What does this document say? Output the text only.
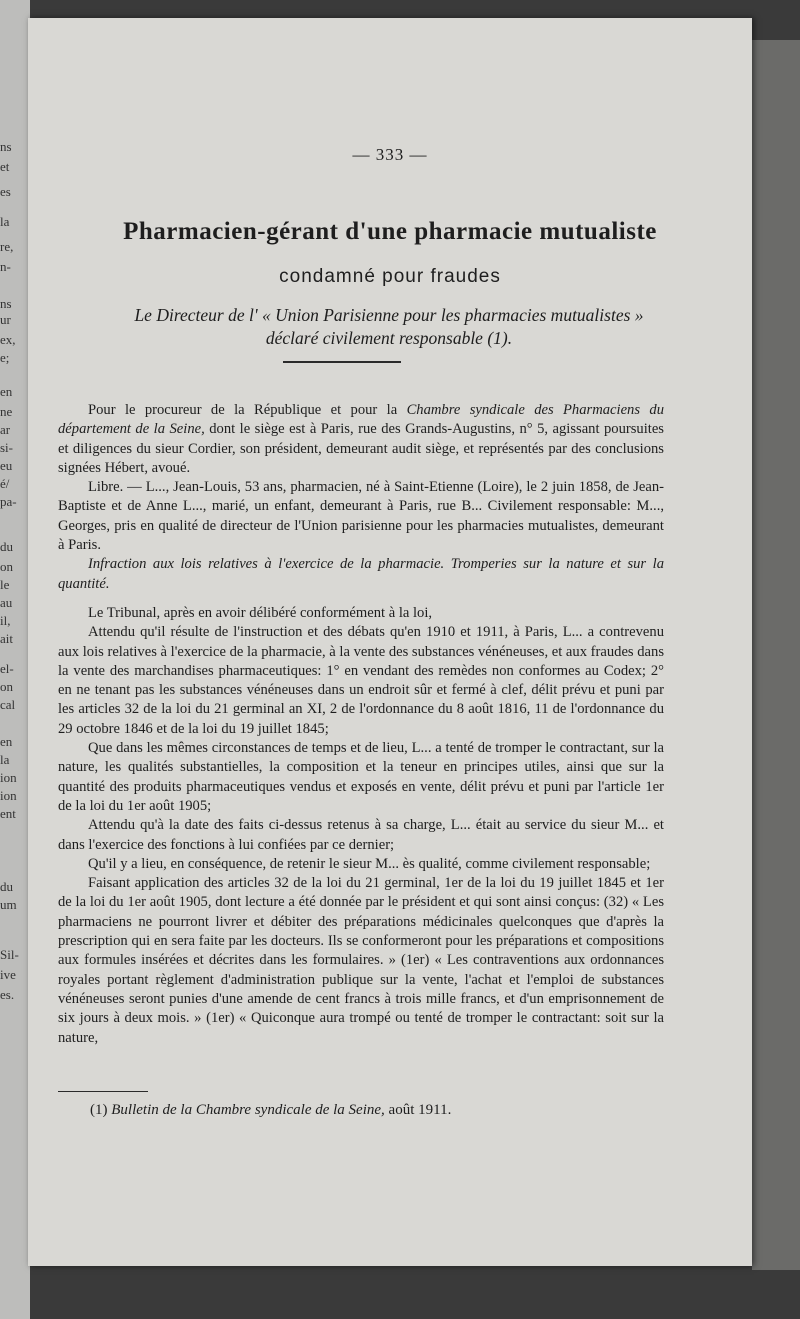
ns
et
es
la
re,
n-
ns
ur
ex,
e;
en
ne
ar
si-
eu
é/
pa-
du
on
le
au
il,
ait
el-
on
cal
en
la
ion
ion
ent
du
um
Sil-
ive
es.
— 333 —
Pharmacien-gérant d'une pharmacie mutualiste
condamné pour fraudes
Le Directeur de l' « Union Parisienne pour les pharmacies mutualistes »
déclaré civilement responsable (1).

Pour le procureur de la République et pour la Chambre syndicale des Pharmaciens du département de la Seine, dont le siège est à Paris, rue des Grands-Augustins, n° 5, agissant poursuites et diligences du sieur Cordier, son président, demeurant audit siège, et représentés par des conclusions signées Hébert, avoué.

Libre. — L..., Jean-Louis, 53 ans, pharmacien, né à Saint-Etienne (Loire), le 2 juin 1858, de Jean-Baptiste et de Anne L..., marié, un enfant, demeurant à Paris, rue B... Civilement responsable: M..., Georges, pris en qualité de directeur de l'Union parisienne pour les pharmacies mutualistes, demeurant à Paris.

Infraction aux lois relatives à l'exercice de la pharmacie. Tromperies sur la nature et sur la quantité.

Le Tribunal, après en avoir délibéré conformément à la loi,

Attendu qu'il résulte de l'instruction et des débats qu'en 1910 et 1911, à Paris, L... a contrevenu aux lois relatives à l'exercice de la pharmacie, à la vente des substances vénéneuses, et aux fraudes dans la vente des marchandises pharmaceutiques: 1° en vendant des remèdes non conformes au Codex; 2° en ne tenant pas les substances vénéneuses dans un endroit sûr et fermé à clef, délit prévu et puni par les articles 32 de la loi du 21 germinal an XI, 2 de l'ordonnance du 8 août 1816, 11 de l'ordonnance du 29 octobre 1846 et de la loi du 19 juillet 1845;

Que dans les mêmes circonstances de temps et de lieu, L... a tenté de tromper le contractant, sur la nature, les qualités substantielles, la composition et la teneur en principes utiles, ainsi que sur la quantité des produits pharmaceutiques vendus et exposés en vente, délit prévu et puni par l'article 1er de la loi du 1er août 1905;

Attendu qu'à la date des faits ci-dessus retenus à sa charge, L... était au service du sieur M... et dans l'exercice des fonctions à lui confiées par ce dernier;

Qu'il y a lieu, en conséquence, de retenir le sieur M... ès qualité, comme civilement responsable;

Faisant application des articles 32 de la loi du 21 germinal, 1er de la loi du 19 juillet 1845 et 1er de la loi du 1er août 1905, dont lecture a été donnée par le président et qui sont ainsi conçus: (32) « Les pharmaciens ne pourront livrer et débiter des préparations médicinales quelconques que d'après la prescription qui en sera faite par les docteurs. Ils se conformeront pour les préparations et compositions aux formules insérées et décrites dans les formulaires. » (1er) « Les contraventions aux ordonnances royales portant règlement d'administration publique sur la vente, l'achat et l'emploi de substances vénéneuses seront punies d'une amende de cent francs à trois mille francs, et d'un emprisonnement de six jours à deux mois. » (1er) « Quiconque aura trompé ou tenté de tromper le contractant: soit sur la nature,

(1) Bulletin de la Chambre syndicale de la Seine, août 1911.
